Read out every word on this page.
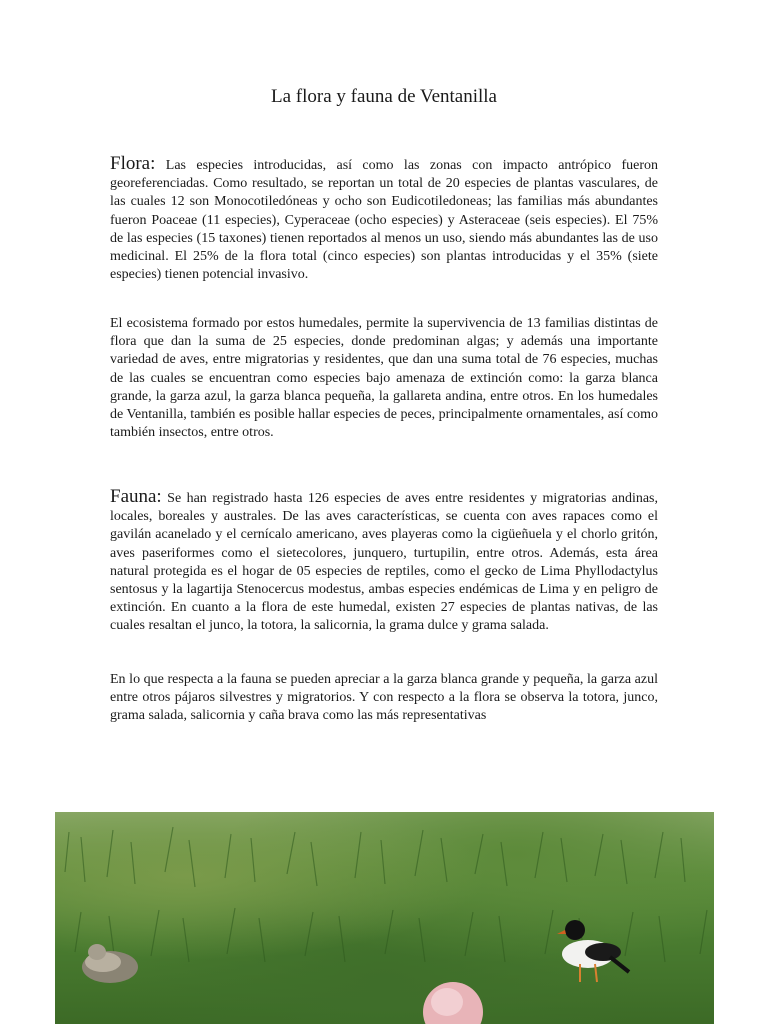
La flora y fauna de Ventanilla

Flora: Las especies introducidas, así como las zonas con impacto antrópico fueron georeferenciadas. Como resultado, se reportan un total de 20 especies de plantas vasculares, de las cuales 12 son Monocotiledóneas y ocho son Eudicotiledoneas; las familias más abundantes fueron Poaceae (11 especies), Cyperaceae (ocho especies) y Asteraceae (seis especies). El 75% de las especies (15 taxones) tienen reportados al menos un uso, siendo más abundantes las de uso medicinal. El 25% de la flora total (cinco especies) son plantas introducidas y el 35% (siete especies) tienen potencial invasivo.

El ecosistema formado por estos humedales, permite la supervivencia de 13 familias distintas de flora que dan la suma de 25 especies, donde predominan algas; y además una importante variedad de aves, entre migratorias y residentes, que dan una suma total de 76 especies, muchas de las cuales se encuentran como especies bajo amenaza de extinción como: la garza blanca grande, la garza azul, la garza blanca pequeña, la gallareta andina, entre otros. En los humedales de Ventanilla, también es posible hallar especies de peces, principalmente ornamentales, así como también insectos, entre otros.

Fauna: Se han registrado hasta 126 especies de aves entre residentes y migratorias andinas, locales, boreales y australes. De las aves características, se cuenta con aves rapaces como el gavilán acanelado y el cernícalo americano, aves playeras como la cigüeñuela y el chorlo gritón, aves paseriformes como el sietecolores, junquero, turtupilin, entre otros. Además, esta área natural protegida es el hogar de 05 especies de reptiles, como el gecko de Lima Phyllodactylus sentosus y la lagartija Stenocercus modestus, ambas especies endémicas de Lima y en peligro de extinción. En cuanto a la flora de este humedal, existen 27 especies de plantas nativas, de las cuales resaltan el junco, la totora, la salicornia, la grama dulce y grama salada.

En lo que respecta a la fauna se pueden apreciar a la garza blanca grande y pequeña, la garza azul entre otros pájaros silvestres y migratorios. Y con respecto a la flora se observa la totora, junco, grama salada, salicornia y caña brava como las más representativas
